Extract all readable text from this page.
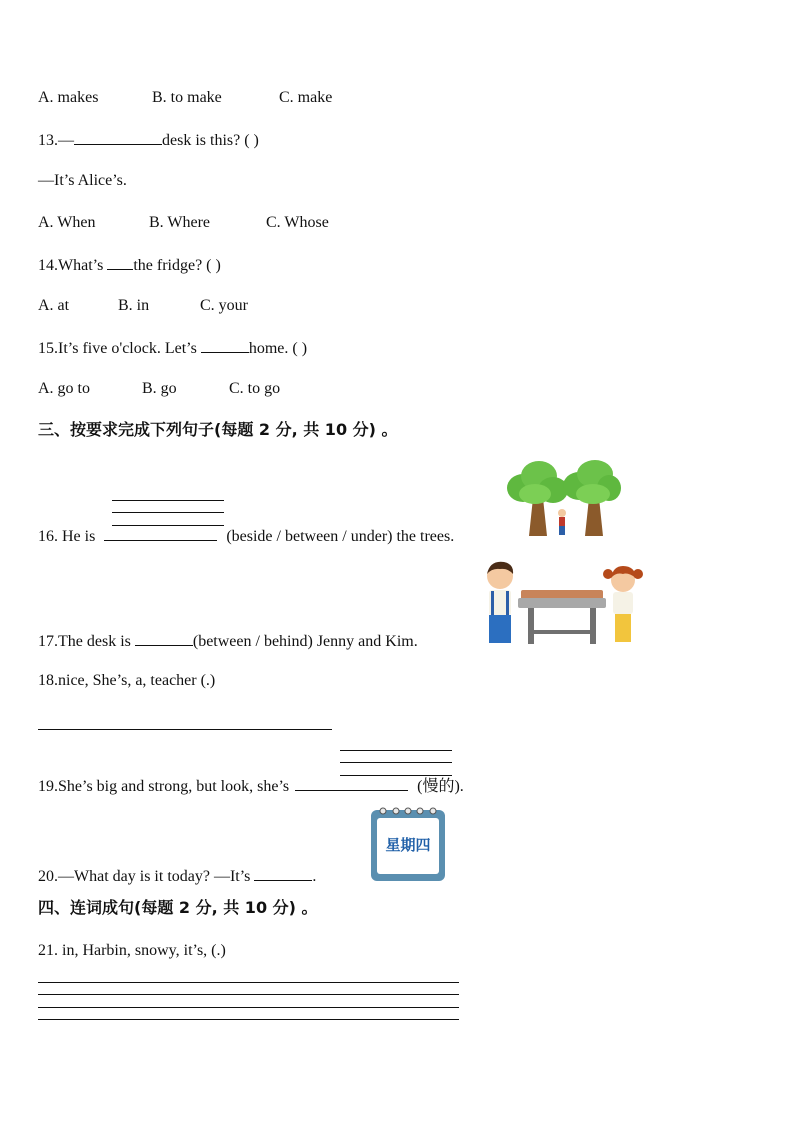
A. makes	B. to make	C. make
13.—	desk is this? ( )
—It’s Alice’s.
A. When	B. Where	C. Whose
14.What’s the fridge? ( )
A. at	B. in	C. your
15.It’s five o'clock. Let’s	home. ( )
A. go to	B. go	C. to go
三、按要求完成下列句子(每题 2 分, 共 10 分) 。
16. He is	(beside / between / under) the trees.
17.The desk is	(between / behind) Jenny and Kim.
18.nice, She’s, a, teacher (.)
19.She’s big and strong, but look, she’s	(慢的).
星期四
20.—What day is it today? —It’s	.
四、连词成句(每题 2 分, 共 10 分) 。
21. in, Harbin, snowy, it’s, (.)
